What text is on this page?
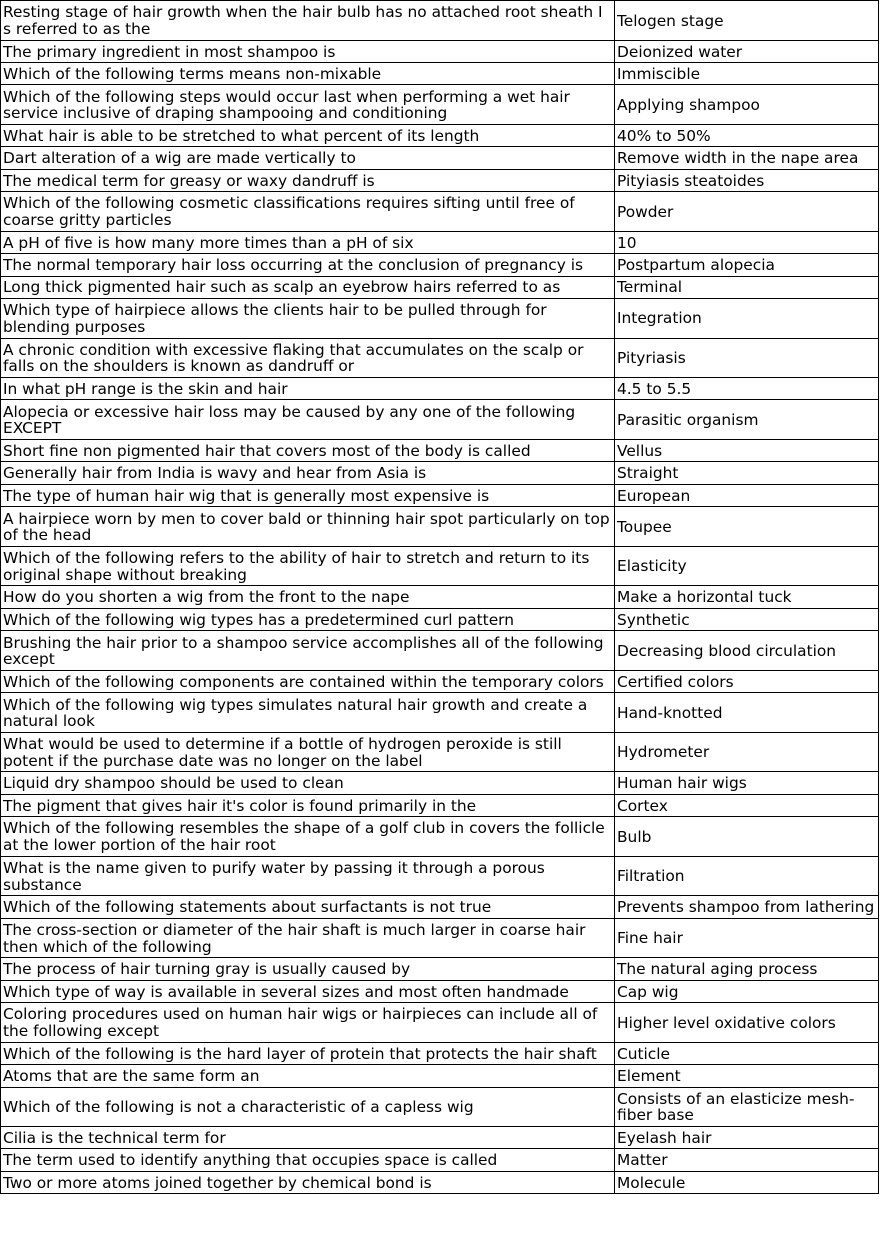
Resting stage of hair growth when the hair bulb has no attached root sheath I s referred to as the	Telogen stage
The primary ingredient in most shampoo is	Deionized water
Which of the following terms means non-mixable	Immiscible
Which of the following steps would occur last when performing a wet hair service inclusive of draping shampooing and conditioning	Applying shampoo
What hair is able to be stretched to what percent of its length	40% to 50%
Dart alteration of a wig are made vertically to	Remove width in the nape area
The medical term for greasy or waxy dandruff is	Pityiasis steatoides
Which of the following cosmetic classifications requires sifting until free of coarse gritty particles	Powder
A pH of five is how many more times than a pH of six	10
The normal temporary hair loss occurring at the conclusion of pregnancy is	Postpartum alopecia
Long thick pigmented hair such as scalp an eyebrow hairs referred to as	Terminal
Which type of hairpiece allows the clients hair to be pulled through for blending purposes	Integration
A chronic condition with excessive flaking that accumulates on the scalp or falls on the shoulders is known as dandruff or	Pityriasis
In what pH range is the skin and hair	4.5 to 5.5
Alopecia or excessive hair loss may be caused by any one of the following EXCEPT	Parasitic organism
Short fine non pigmented hair that covers most of the body is called	Vellus
Generally hair from India is wavy and hear from Asia is	Straight
The type of human hair wig that is generally most expensive is	European
A hairpiece worn by men to cover bald or thinning hair spot particularly on top of the head	Toupee
Which of the following refers to the ability of hair to stretch and return to its original shape without breaking	Elasticity
How do you shorten a wig from the front to the nape	Make a horizontal tuck
Which of the following wig types has a predetermined curl pattern	Synthetic
Brushing the hair prior to a shampoo service accomplishes all of the following except	Decreasing blood circulation
Which of the following components are contained within the temporary colors	Certified colors
Which of the following wig types simulates natural hair growth and create a natural look	Hand-knotted
What would be used to determine if a bottle of hydrogen peroxide is still potent if the purchase date was no longer on the label	Hydrometer
Liquid dry shampoo should be used to clean	Human hair wigs
The pigment that gives hair it's color is found primarily in the	Cortex
Which of the following resembles the shape of a golf club in covers the follicle at the lower portion of the hair root	Bulb
What is the name given to purify water by passing it through a porous substance	Filtration
Which of the following statements about surfactants is not true	Prevents shampoo from lathering
The cross-section or diameter of the hair shaft is much larger in coarse hair then which of the following	Fine hair
The process of hair turning gray is usually caused by	The natural aging process
Which type of way is available in several sizes and most often handmade	Cap wig
Coloring procedures used on human hair wigs or hairpieces can include all of the following except	Higher level oxidative colors
Which of the following is the hard layer of protein that protects the hair shaft	Cuticle
Atoms that are the same form an	Element
Which of the following is not a characteristic of a capless wig	Consists of an elasticize mesh-fiber base
Cilia is the technical term for	Eyelash hair
The term used to identify anything that occupies space is called	Matter
Two or more atoms joined together by chemical bond is	Molecule
